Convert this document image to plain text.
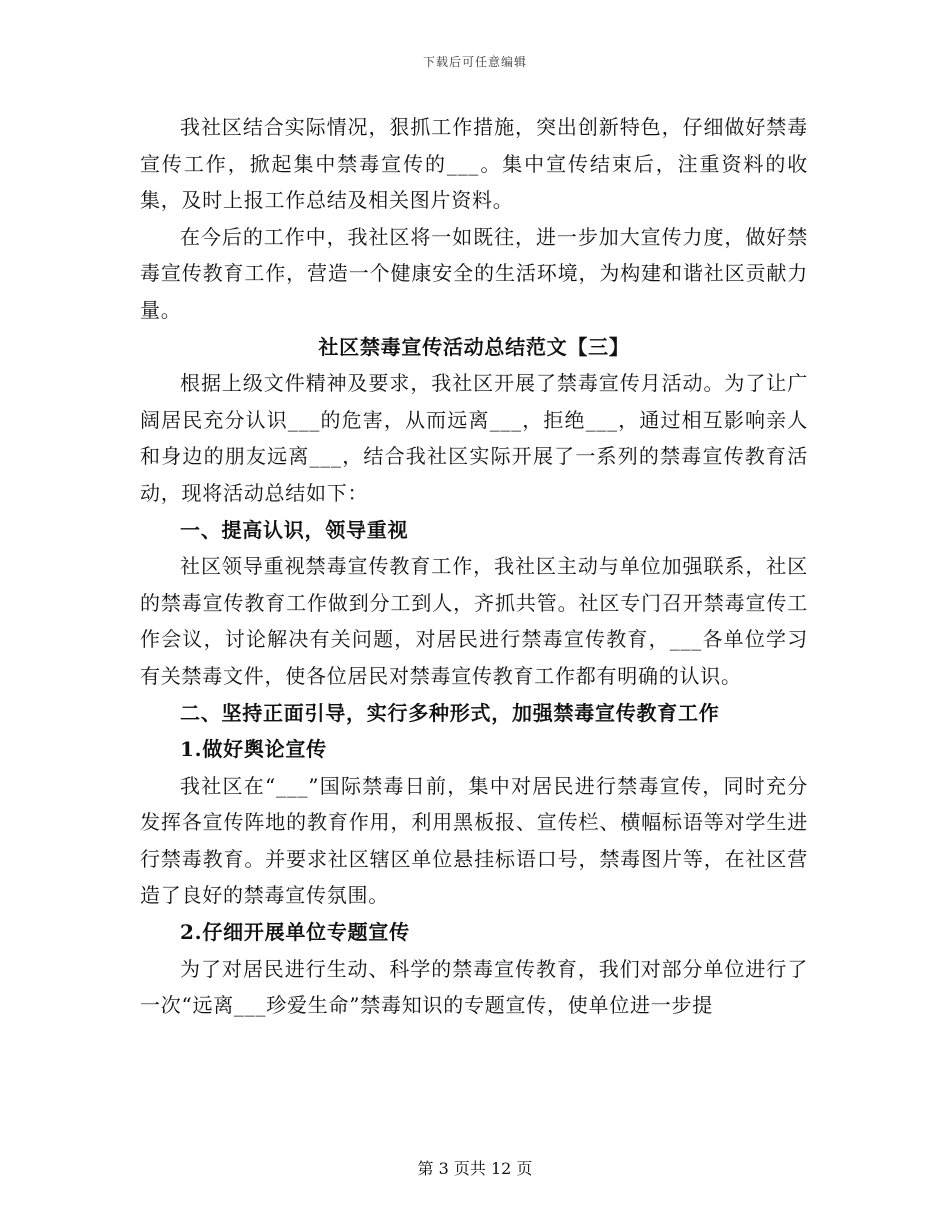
下载后可任意编辑

我社区结合实际情况，狠抓工作措施，突出创新特色，仔细做好禁毒宣传工作，掀起集中禁毒宣传的___。集中宣传结束后，注重资料的收集，及时上报工作总结及相关图片资料。

在今后的工作中，我社区将一如既往，进一步加大宣传力度，做好禁毒宣传教育工作，营造一个健康安全的生活环境，为构建和谐社区贡献力量。

社区禁毒宣传活动总结范文【三】

根据上级文件精神及要求，我社区开展了禁毒宣传月活动。为了让广阔居民充分认识___的危害，从而远离___，拒绝___，通过相互影响亲人和身边的朋友远离___，结合我社区实际开展了一系列的禁毒宣传教育活动，现将活动总结如下：

一、提高认识，领导重视

社区领导重视禁毒宣传教育工作，我社区主动与单位加强联系，社区的禁毒宣传教育工作做到分工到人，齐抓共管。社区专门召开禁毒宣传工作会议，讨论解决有关问题，对居民进行禁毒宣传教育，___各单位学习有关禁毒文件，使各位居民对禁毒宣传教育工作都有明确的认识。

二、坚持正面引导，实行多种形式，加强禁毒宣传教育工作

1.做好舆论宣传

我社区在“___”国际禁毒日前，集中对居民进行禁毒宣传，同时充分发挥各宣传阵地的教育作用，利用黑板报、宣传栏、横幅标语等对学生进行禁毒教育。并要求社区辖区单位悬挂标语口号，禁毒图片等，在社区营造了良好的禁毒宣传氛围。

2.仔细开展单位专题宣传

为了对居民进行生动、科学的禁毒宣传教育，我们对部分单位进行了一次“远离___珍爱生命”禁毒知识的专题宣传，使单位进一步提

第 3 页共 12 页
